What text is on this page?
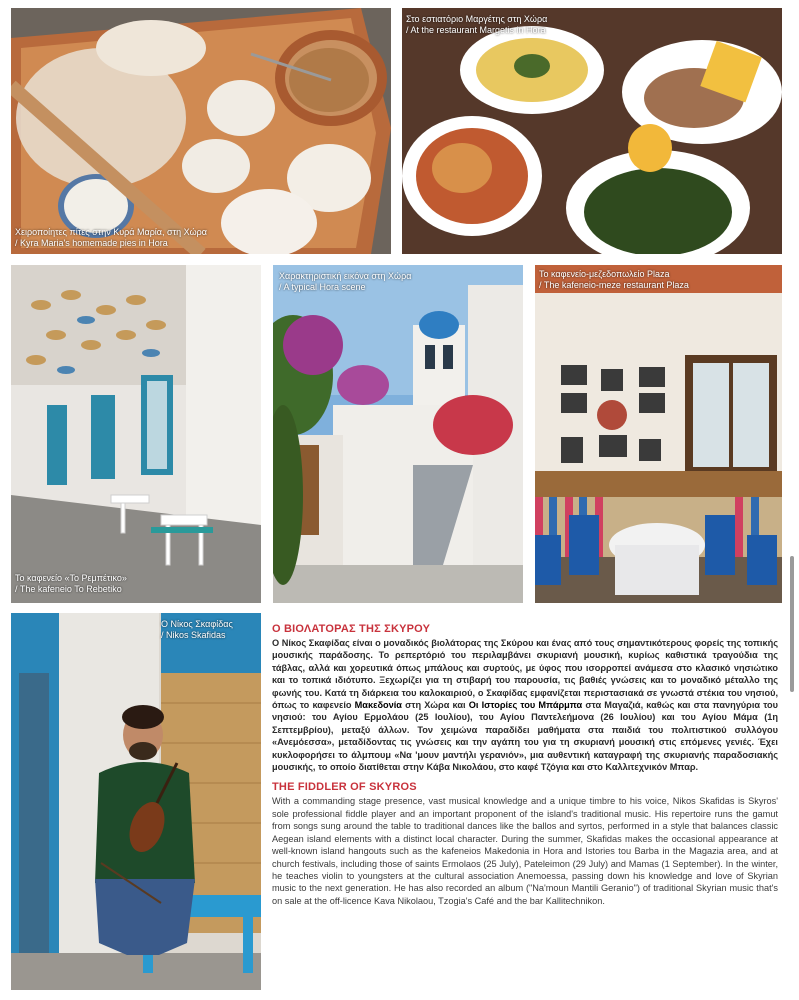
Χειροποίητες πίτες στην Κυρά Μαρία, στη Χώρα
/ Kyra Maria's homemade pies in Hora
Στο εστιατόριο Μαργέτης στη Χώρα
/ At the restaurant Margetis in Hora
Το καφενείο «Το Ρεμπέτικο»
/ The kafeneio To Rebetiko
Χαρακτηριστική εικόνα στη Χώρα
/ A typical Hora scene
Το καφενείο-μεζεδοπωλείο Plaza
/ The kafeneio-meze restaurant Plaza
Ο Νίκος Σκαφίδας
/ Nikos Skafidas	Ο ΒΙΟΛΑΤΟΡΑΣ ΤΗΣ ΣΚΥΡΟΥ

Ο Νίκος Σκαφίδας είναι ο μοναδικός βιολάτορας της Σκύρου και ένας από τους σημαντικότερους φορείς της τοπικής μουσικής παράδοσης. Το ρεπερτόριό του περιλαμβάνει σκυριανή μουσική, κυρίως καθιστικά τραγούδια της τάβλας, αλλά και χορευτικά όπως μπάλους και συρτούς, με ύφος που ισορροπεί ανάμεσα στο κλασικό νησιώτικο και το τοπικά ιδιότυπο. Ξεχωρίζει για τη στιβαρή του παρουσία, τις βαθιές γνώσεις και το μοναδικό μέταλλο της φωνής του. Κατά τη διάρκεια του καλοκαιριού, ο Σκαφίδας εμφανίζεται περιστασιακά σε γνωστά στέκια του νησιού, όπως το καφενείο Μακεδονία στη Χώρα και Οι Ιστορίες του Μπάρμπα στα Μαγαζιά, καθώς και στα πανηγύρια του νησιού: του Αγίου Ερμολάου (25 Ιουλίου), του Αγίου Παντελεήμονα (26 Ιουλίου) και του Αγίου Μάμα (1η Σεπτεμβρίου), μεταξύ άλλων. Τον χειμώνα παραδίδει μαθήματα στα παιδιά του πολιτιστικού συλλόγου «Ανεμόεσσα», μεταδίδοντας τις γνώσεις και την αγάπη του για τη σκυριανή μουσική στις επόμενες γενιές. Έχει κυκλοφορήσει το άλμπουμ «Να 'μουν μαντήλι γερανιόν», μια αυθεντική καταγραφή της σκυριανής παραδοσιακής μουσικής, το οποίο διατίθεται στην Κάβα Νικολάου, στο καφέ Τζόγια και στο Καλλιτεχνικόν Μπαρ.

THE FIDDLER OF SKYROS

With a commanding stage presence, vast musical knowledge and a unique timbre to his voice, Nikos Skafidas is Skyros' sole professional fiddle player and an important proponent of the island's traditional music. His repertoire runs the gamut from songs sung around the table to traditional dances like the ballos and syrtos, performed in a style that balances classic Aegean island elements with a distinct local character. During the summer, Skafidas makes the occasional appearance at well-known island hangouts such as the kafeneios Makedonia in Hora and Istories tou Barba in the Magazia area, and at church festivals, including those of saints Ermolaos (25 July), Pateleimon (29 July) and Mamas (1 September). In the winter, he teaches violin to youngsters at the cultural association Anemoessa, passing down his knowledge and love of Skyrian music to the next generation. He has also recorded an album ("Na'moun Mantili Geranio") of traditional Skyrian music that's on sale at the off-licence Kava Nikolaou, Tzogia's Café and the bar Kallitechnikon.
